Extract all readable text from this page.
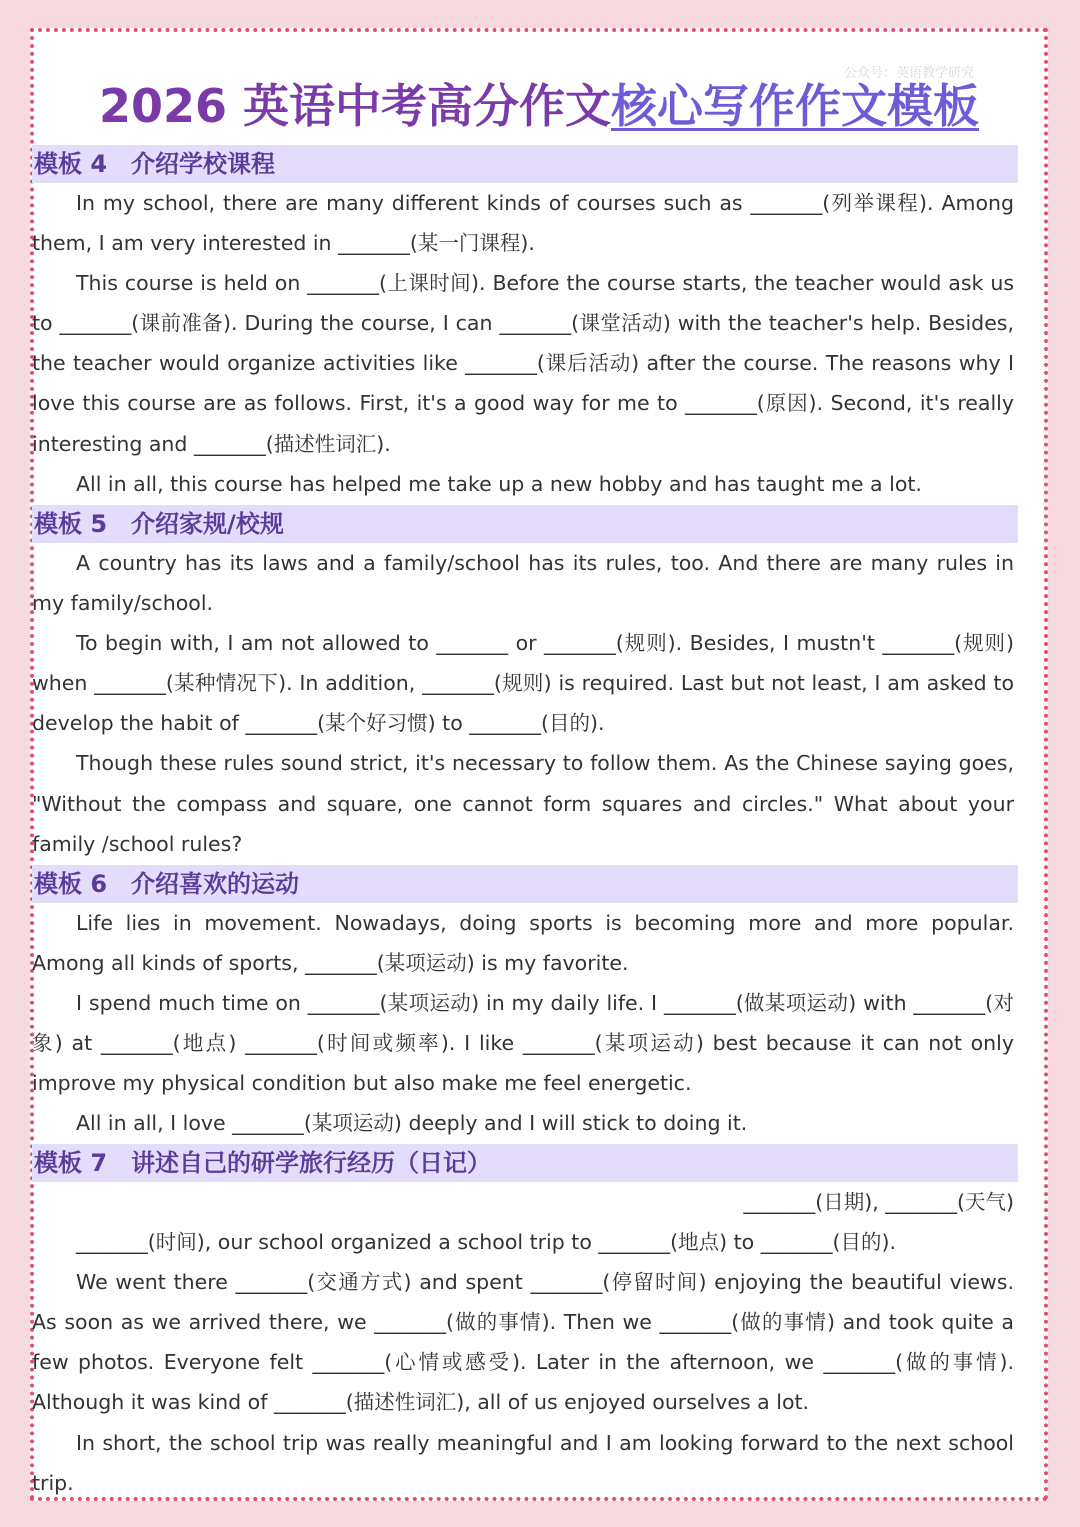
公众号：英语教学研究
2026 英语中考高分作文核心写作作文模板
模板 4 介绍学校课程

In my school, there are many different kinds of courses such as _______(列举课程). Among them, I am very interested in _______(某一门课程).

This course is held on _______(上课时间). Before the course starts, the teacher would ask us to _______(课前准备). During the course, I can _______(课堂活动) with the teacher's help. Besides, the teacher would organize activities like _______(课后活动) after the course. The reasons why I love this course are as follows. First, it's a good way for me to _______(原因). Second, it's really interesting and _______(描述性词汇).

All in all, this course has helped me take up a new hobby and has taught me a lot.

模板 5 介绍家规/校规

A country has its laws and a family/school has its rules, too. And there are many rules in my family/school.

To begin with, I am not allowed to _______ or _______(规则). Besides, I mustn't _______(规则) when _______(某种情况下). In addition, _______(规则) is required. Last but not least, I am asked to develop the habit of _______(某个好习惯) to _______(目的).

Though these rules sound strict, it's necessary to follow them. As the Chinese saying goes, "Without the compass and square, one cannot form squares and circles." What about your family /school rules?

模板 6 介绍喜欢的运动

Life lies in movement. Nowadays, doing sports is becoming more and more popular. Among all kinds of sports, _______(某项运动) is my favorite.

I spend much time on _______(某项运动) in my daily life. I _______(做某项运动) with _______(对象) at _______(地点) _______(时间或频率). I like _______(某项运动) best because it can not only improve my physical condition but also make me feel energetic.

All in all, I love _______(某项运动) deeply and I will stick to doing it.

模板 7 讲述自己的研学旅行经历（日记）

_______(日期), _______(天气)

_______(时间), our school organized a school trip to _______(地点) to _______(目的).

We went there _______(交通方式) and spent _______(停留时间) enjoying the beautiful views. As soon as we arrived there, we _______(做的事情). Then we _______(做的事情) and took quite a few photos. Everyone felt _______(心情或感受). Later in the afternoon, we _______(做的事情). Although it was kind of _______(描述性词汇), all of us enjoyed ourselves a lot.

In short, the school trip was really meaningful and I am looking forward to the next school trip.
